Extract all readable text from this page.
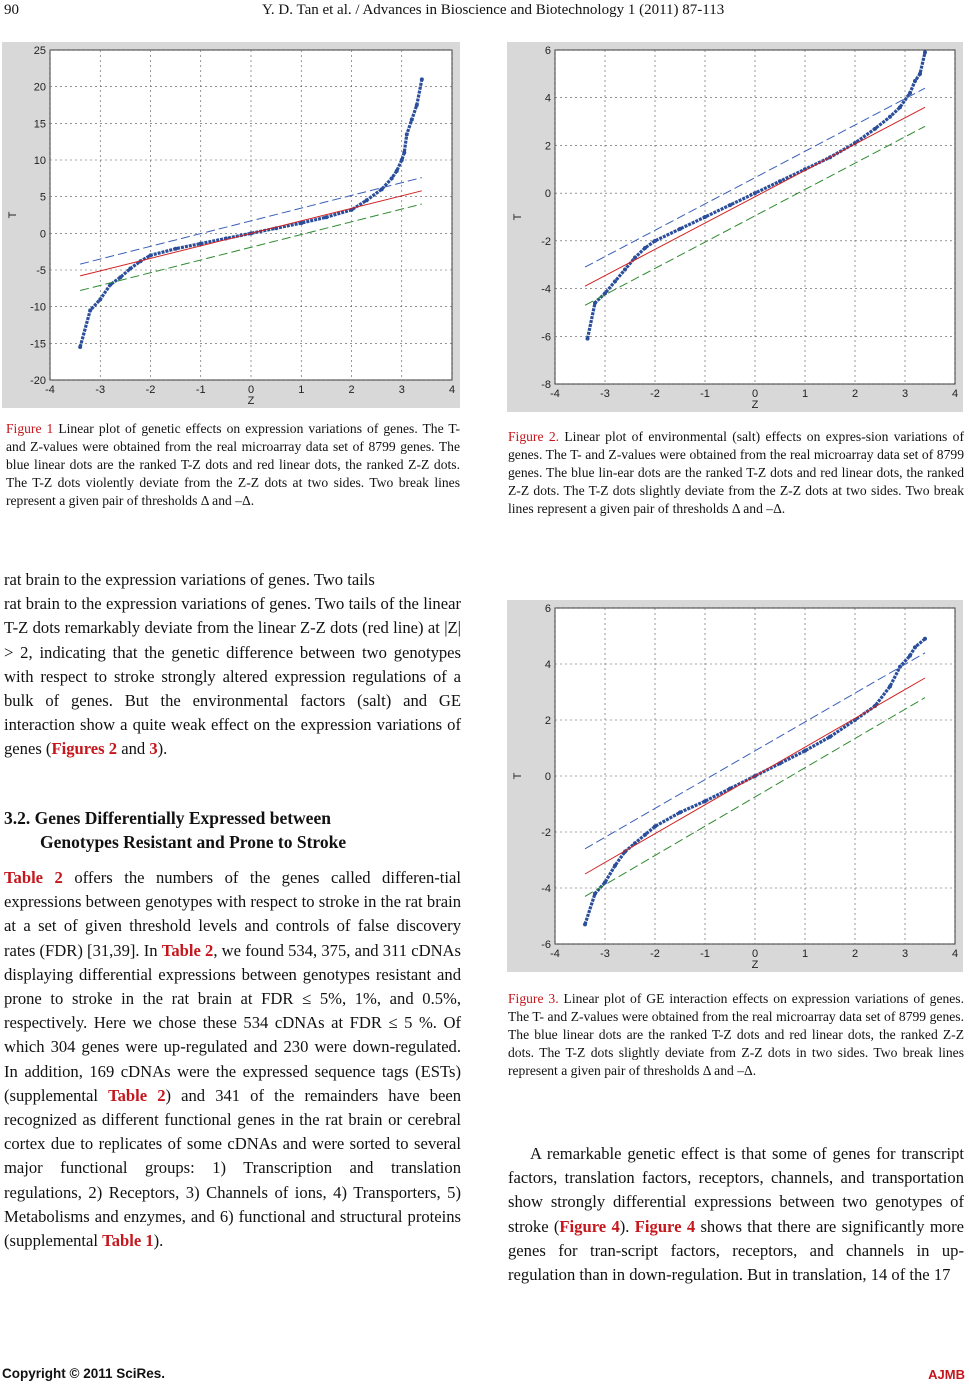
90	Y. D. Tan et al. / Advances in Bioscience and Biotechnology 1 (2011) 87-113
-4	-3	-2	-1	0	1	2	3	4
25
20
15
10
5
0
-5
-10
-15
-20
Z
T
Figure 1 Linear plot of genetic effects on expression variations of genes. The T- and Z-values were obtained from the real microarray data set of 8799 genes. The blue linear dots are the ranked T-Z dots and red linear dots, the ranked Z-Z dots. The T-Z dots violently deviate from the Z-Z dots at two sides. Two break lines represent a given pair of thresholds Δ and –Δ.

rat brain to the expression variations of genes. Two tails

rat brain to the expression variations of genes. Two tails of the linear T-Z dots remarkably deviate from the linear Z-Z dots (red line) at |Z| > 2, indicating that the genetic difference between two genotypes with respect to stroke strongly altered expression regulations of a bulk of genes. But the environmental factors (salt) and GE interaction show a quite weak effect on the expression variations of genes (Figures 2 and 3).

3.2. Genes Differentially Expressed between
Genotypes Resistant and Prone to Stroke

Table 2 offers the numbers of the genes called differen-tial expressions between genotypes with respect to stroke in the rat brain at a set of given threshold levels and controls of false discovery rates (FDR) [31,39]. In Table 2, we found 534, 375, and 311 cDNAs displaying differential expressions between genotypes resistant and prone to stroke in the rat brain at FDR ≤ 5%, 1%, and 0.5%, respectively. Here we chose these 534 cDNAs at FDR ≤ 5 %. Of which 304 genes were up-regulated and 230 were down-regulated. In addition, 169 cDNAs were the expressed sequence tags (ESTs) (supplemental Table 2) and 341 of the remainders have been recognized as different functional genes in the rat brain or cerebral cortex due to replicates of some cDNAs and were sorted to several major functional groups: 1) Transcription and translation regulations, 2) Receptors, 3) Channels of ions, 4) Transporters, 5) Metabolisms and enzymes, and 6) functional and structural proteins (supplemental Table 1).

-4	-3	-2	-1	0	1	2	3	4
6
4
2
0
-2
-4
-6
-8
Z
T
Figure 2. Linear plot of environmental (salt) effects on expres-sion variations of genes. The T- and Z-values were obtained from the real microarray data set of 8799 genes. The blue lin-ear dots are the ranked T-Z dots and red linear dots, the ranked Z-Z dots. The T-Z dots slightly deviate from the Z-Z dots at two sides. Two break lines represent a given pair of thresholds Δ and –Δ.
-4	-3	-2	-1	0	1	2	3	4
6
4
2
0
-2
-4
-6
Z
T
Figure 3. Linear plot of GE interaction effects on expression variations of genes. The T- and Z-values were obtained from the real microarray data set of 8799 genes. The blue linear dots are the ranked T-Z dots and red linear dots, the ranked Z-Z dots. The T-Z dots slightly deviate from Z-Z dots in two sides. Two break lines represent a given pair of thresholds Δ and –Δ.

A remarkable genetic effect is that some of genes for transcript factors, translation factors, receptors, channels, and transportation show strongly differential expressions between two genotypes of stroke (Figure 4). Figure 4 shows that there are significantly more genes for tran-script factors, receptors, and channels in up-regulation than in down-regulation. But in translation, 14 of the 17

Copyright © 2011 SciRes.	AJMB
